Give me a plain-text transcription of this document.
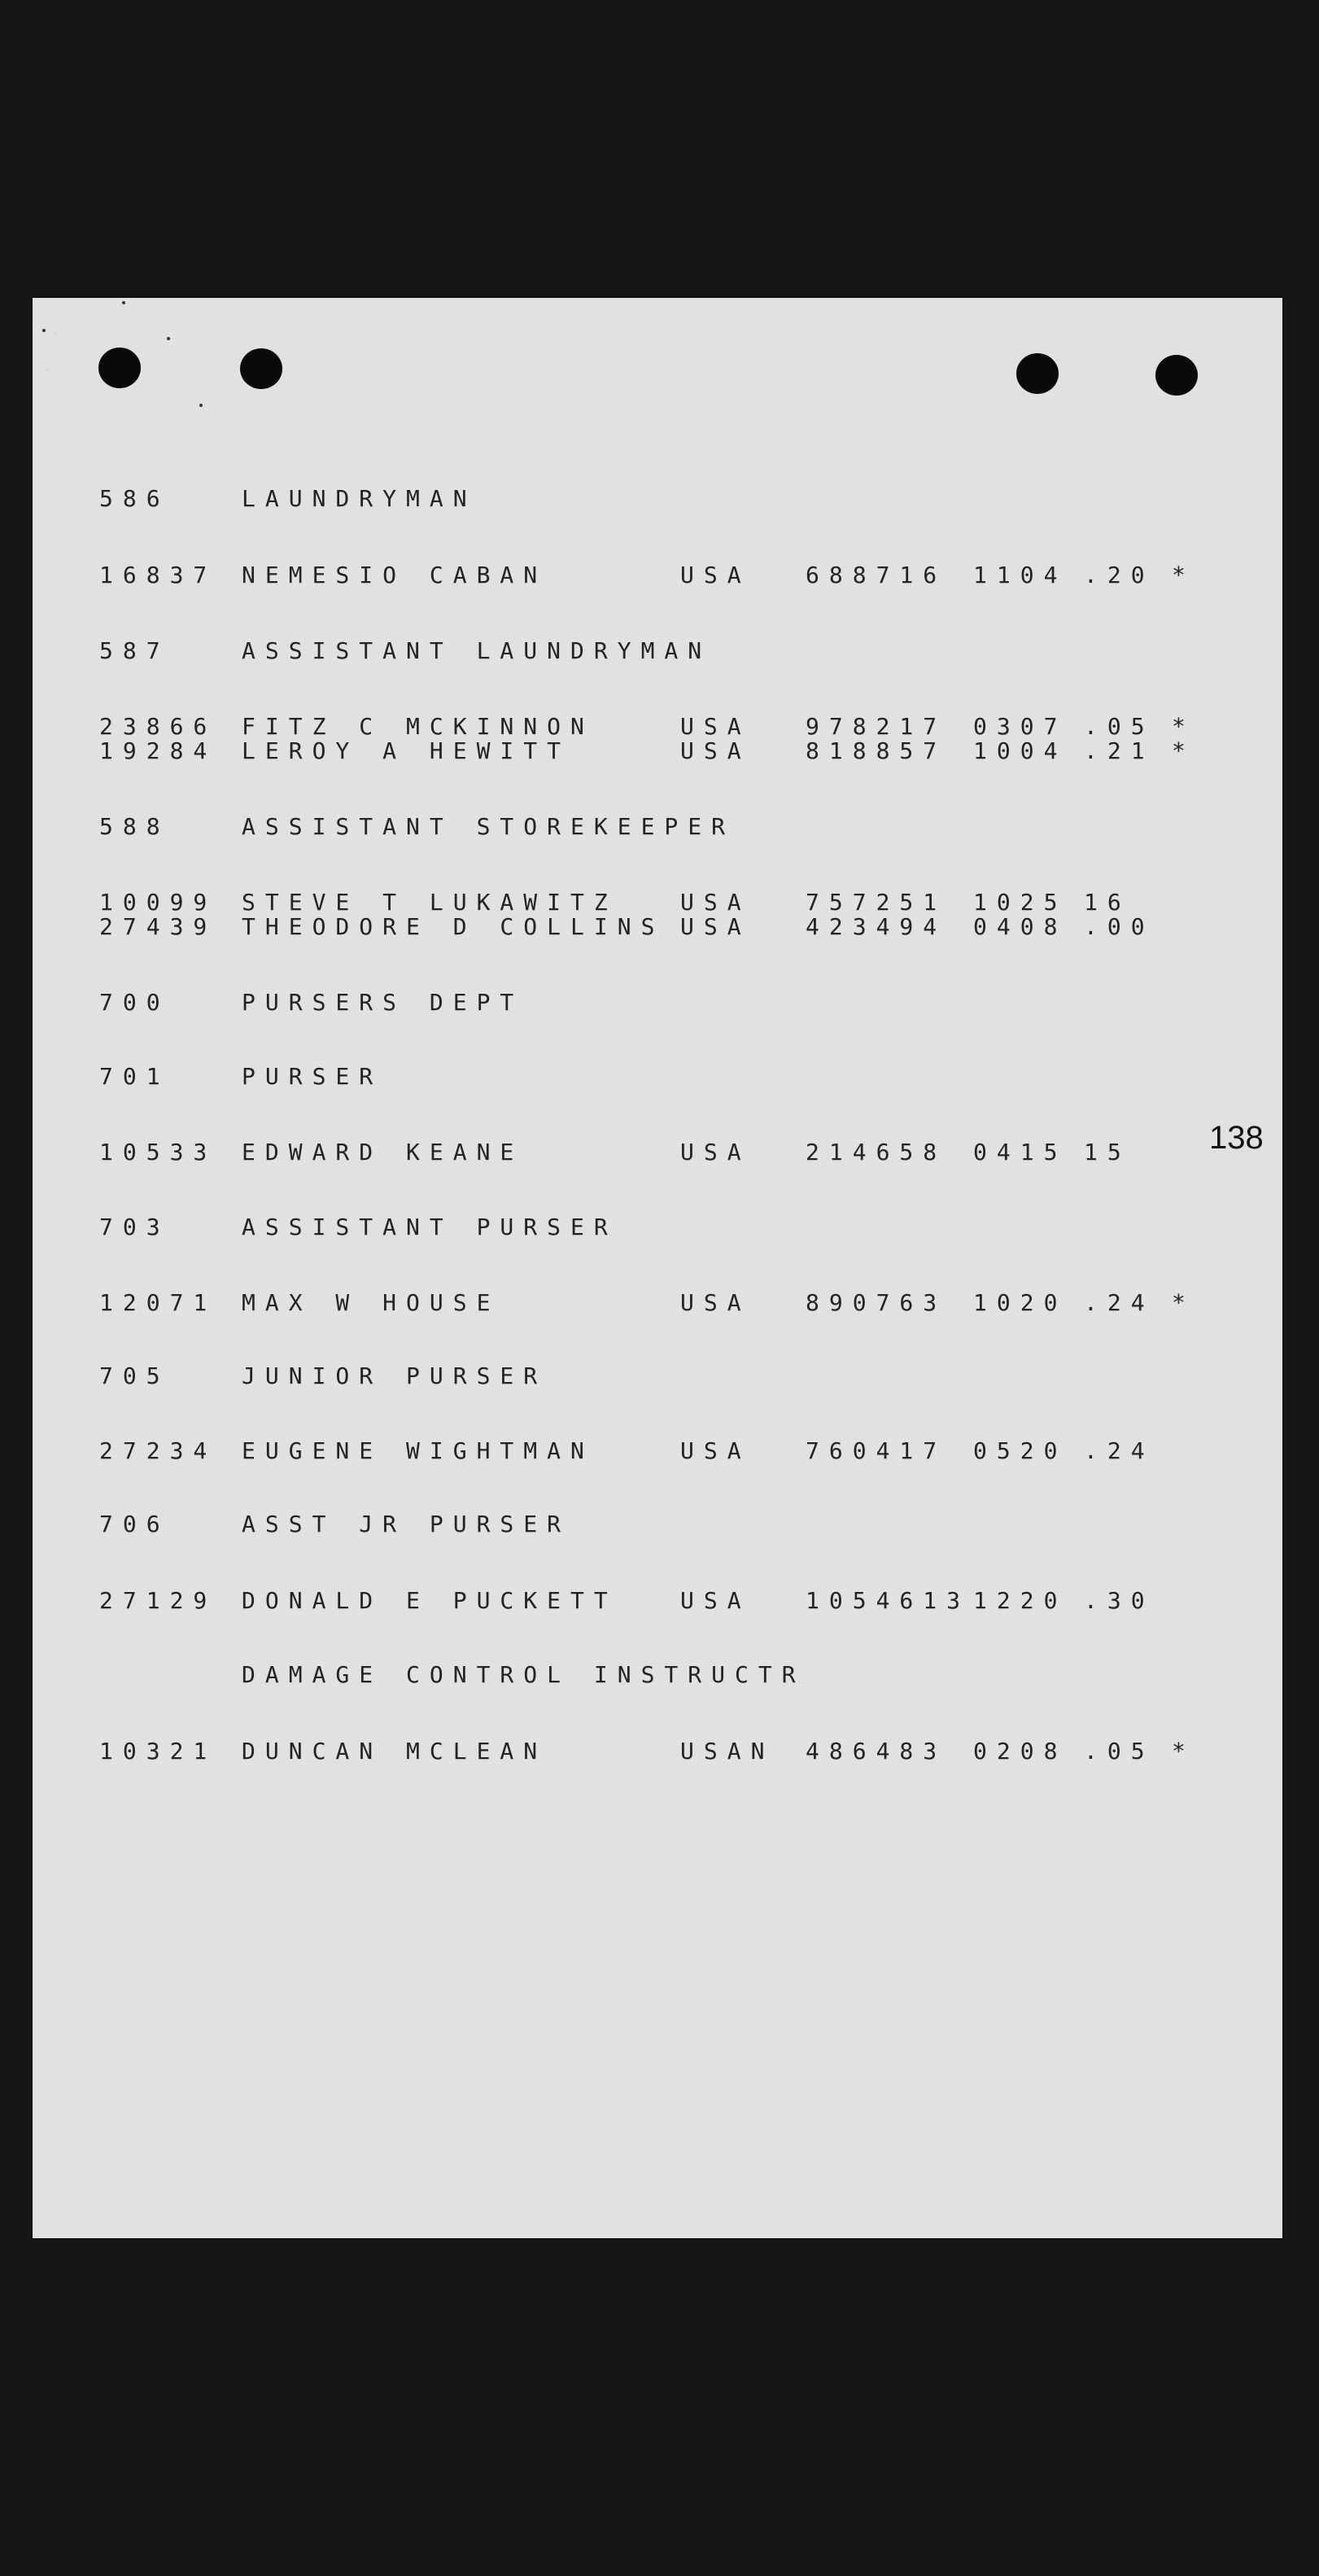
138
586	LAUNDRYMAN
16837 NEMESIO CABAN	USA 688716 1104 .20 *
587	ASSISTANT LAUNDRYMAN
23866 FITZ C MCKINNON	USA 978217 0307 .05 *
19284 LEROY A HEWITT	USA 818857 1004 .21 *
588	ASSISTANT STOREKEEPER
10099 STEVE T LUKAWITZ	USA 757251 1025 16
27439 THEODORE D COLLINS USA 423494 0408 .00
700	PURSERS DEPT
701	PURSER
10533 EDWARD KEANE	USA 214658 0415 15
703	ASSISTANT PURSER
12071 MAX W HOUSE	USA 890763 1020 .24 *
705	JUNIOR PURSER
27234 EUGENE WIGHTMAN	USA 760417 0520 .24
706	ASST JR PURSER
27129 DONALD E PUCKETT	USA 1054613 1220 .30
DAMAGE CONTROL INSTRUCTR
10321 DUNCAN MCLEAN	USAN 486483 0208 .05 *
